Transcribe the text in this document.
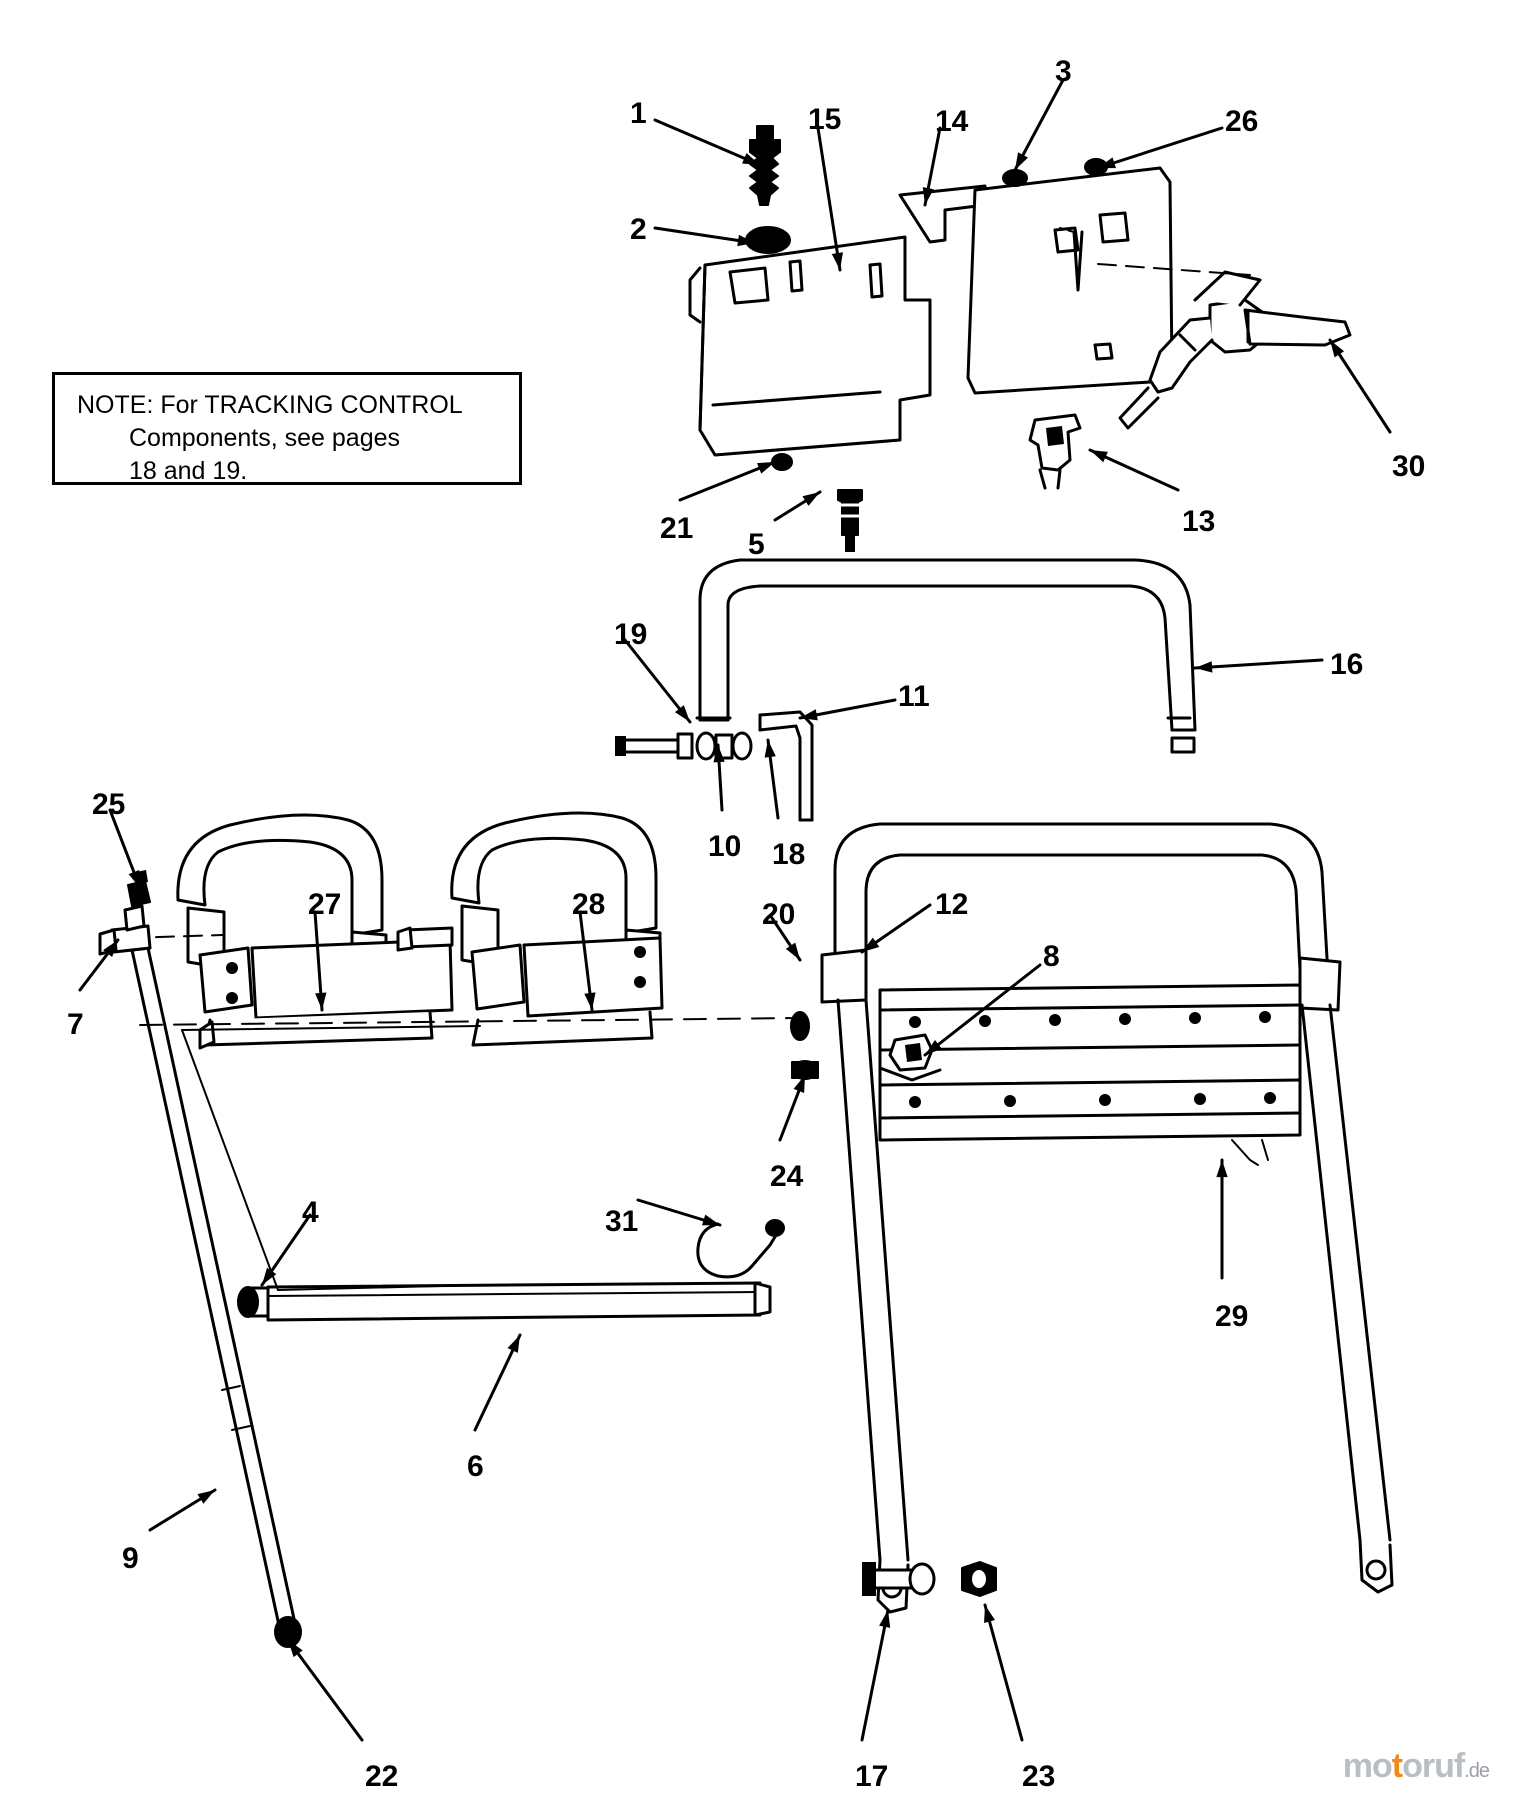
NOTE: For TRACKING CONTROL
Components, see pages
18 and 19.
1
2
3
4
5
6
7
8
9
10
11
12
13
14
15
16
17
18
19
20
21
22	23
24
25
26
27	28
29
30
31
motoruf.de
